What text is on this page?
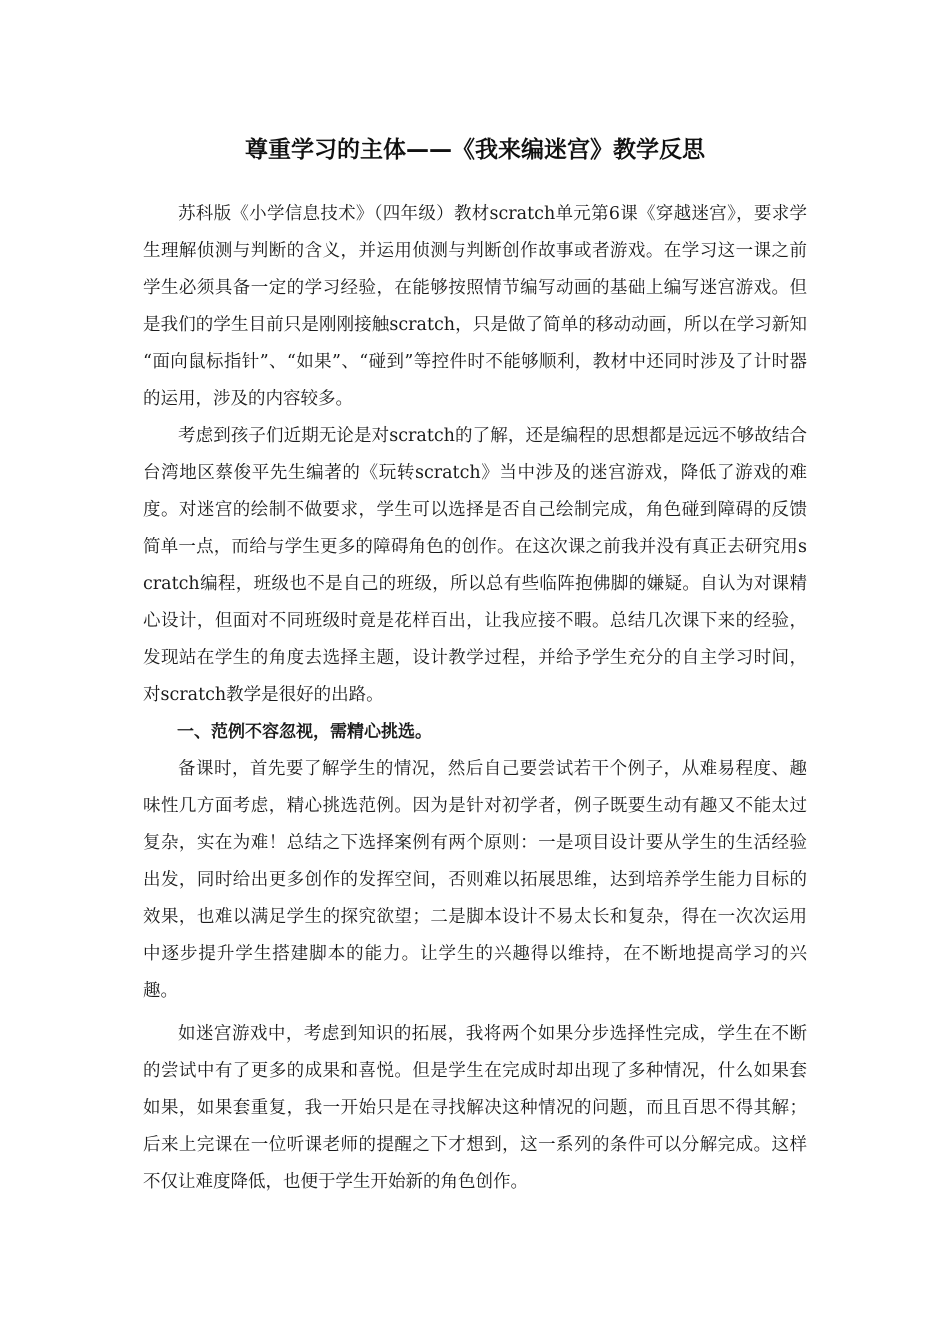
尊重学习的主体——《我来编迷宫》教学反思

苏科版《小学信息技术》（四年级）教材scratch单元第6课《穿越迷宫》，要求学生理解侦测与判断的含义，并运用侦测与判断创作故事或者游戏。在学习这一课之前学生必须具备一定的学习经验，在能够按照情节编写动画的基础上编写迷宫游戏。但是我们的学生目前只是刚刚接触scratch，只是做了简单的移动动画，所以在学习新知 “面向鼠标指针”、“如果”、“碰到”等控件时不能够顺利，教材中还同时涉及了计时器的运用，涉及的内容较多。

考虑到孩子们近期无论是对scratch的了解，还是编程的思想都是远远不够故结合台湾地区蔡俊平先生编著的《玩转scratch》当中涉及的迷宫游戏，降低了游戏的难度。对迷宫的绘制不做要求，学生可以选择是否自己绘制完成，角色碰到障碍的反馈简单一点，而给与学生更多的障碍角色的创作。在这次课之前我并没有真正去研究用scratch编程，班级也不是自己的班级，所以总有些临阵抱佛脚的嫌疑。自认为对课精心设计，但面对不同班级时竟是花样百出，让我应接不暇。总结几次课下来的经验，发现站在学生的角度去选择主题，设计教学过程，并给予学生充分的自主学习时间，对scratch教学是很好的出路。

一、范例不容忽视，需精心挑选。

备课时，首先要了解学生的情况，然后自己要尝试若干个例子，从难易程度、趣味性几方面考虑，精心挑选范例。因为是针对初学者，例子既要生动有趣又不能太过复杂，实在为难！总结之下选择案例有两个原则：一是项目设计要从学生的生活经验出发，同时给出更多创作的发挥空间，否则难以拓展思维，达到培养学生能力目标的效果，也难以满足学生的探究欲望；二是脚本设计不易太长和复杂，得在一次次运用中逐步提升学生搭建脚本的能力。让学生的兴趣得以维持，在不断地提高学习的兴趣。

如迷宫游戏中，考虑到知识的拓展，我将两个如果分步选择性完成，学生在不断的尝试中有了更多的成果和喜悦。但是学生在完成时却出现了多种情况，什么如果套如果，如果套重复，我一开始只是在寻找解决这种情况的问题，而且百思不得其解；后来上完课在一位听课老师的提醒之下才想到，这一系列的条件可以分解完成。这样不仅让难度降低，也便于学生开始新的角色创作。
